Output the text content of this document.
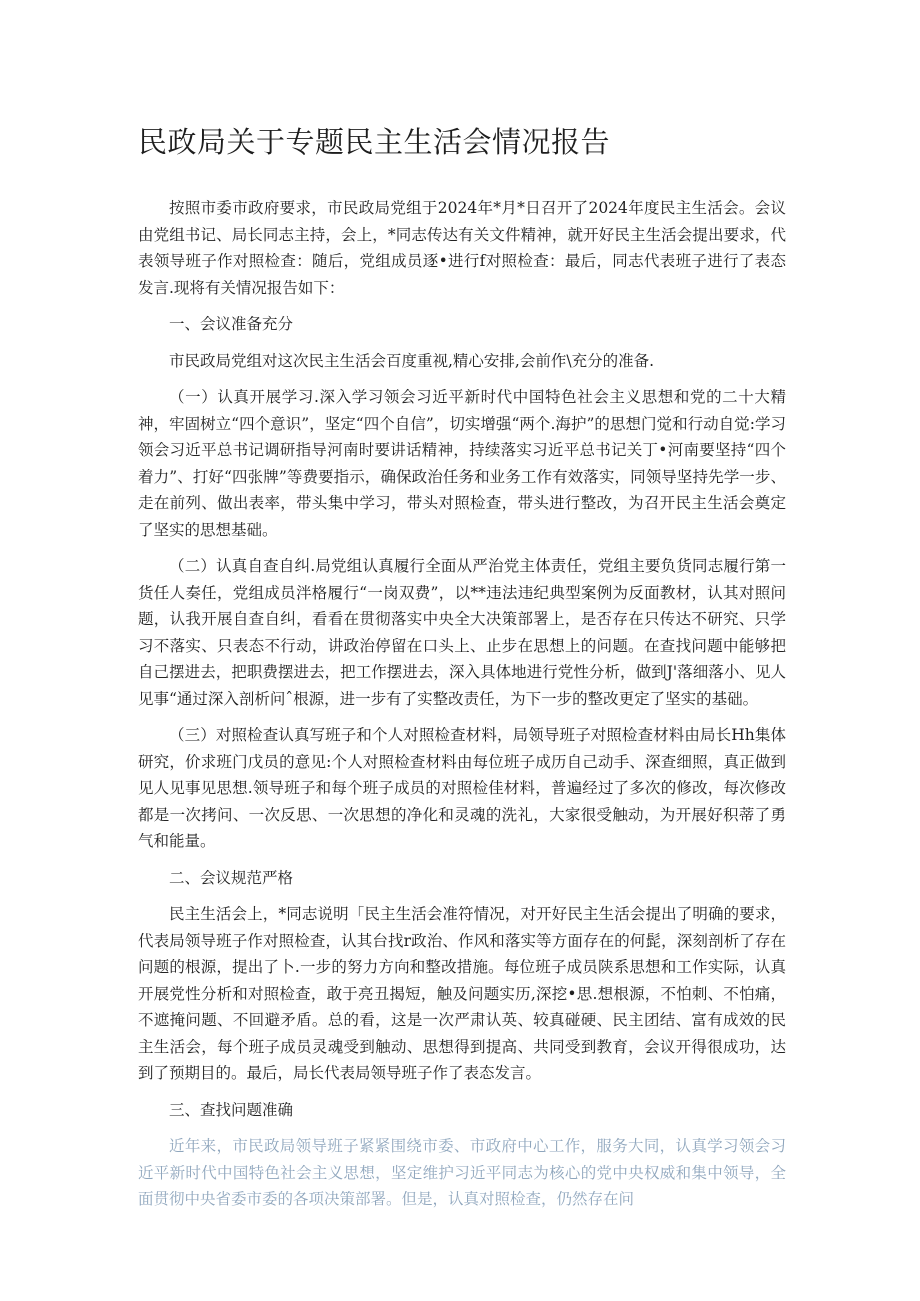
民政局关于专题民主生活会情况报告

按照市委市政府要求，市民政局党组于2024年*月*日召开了2024年度民主生活会。会议由党组书记、局长同志主持，会上，*同志传达有关文件精神，就开好民主生活会提出要求，代表领导班子作对照检查：随后，党组成员逐•进行f对照检查：最后，同志代表班子进行了表态发言.现将有关情况报告如下：

一、会议准备充分

市民政局党组对这次民主生活会百度重视,精心安排,会前作\充分的准备.

（一）认真开展学习.深入学习领会习近平新时代中国特色社会主义思想和党的二十大精神，牢固树立“四个意识”，坚定“四个自信”，切实增强“两个.海护”的思想门觉和行动自觉:学习领会习近平总书记调研指导河南时要讲话精神，持续落实习近平总书记关丁•河南要坚持“四个着力”、打好“四张牌”等费要指示，确保政治任务和业务工作有效落实，同领导坚持先学一步、走在前列、做出表率，带头集中学习，带头对照检查，带头进行整改，为召开民主生活会奠定了坚实的思想基础。

（二）认真自查自纠.局党组认真履行全面从严治党主体责任，党组主要负货同志履行第一货任人奏任，党组成员泮格履行“一岗双费”，以**违法违纪典型案例为反面教材，认其对照问题，认我开展自查自纠，看看在贯彻落实中央全大决策部署上，是否存在只传达不研究、只学习不落实、只表态不行动，讲政治停留在口头上、止步在思想上的问题。在查找问题中能够把自己摆进去，把职费摆进去，把工作摆进去，深入具体地进行党性分析，做到J'落细落小、见人见事“通过深入剖析问ˆ根源，进一步有了实整改责任，为下一步的整改更定了坚实的基础。

（三）对照检查认真写班子和个人对照检查材料，局领导班子对照检查材料由局长Hh集体研究，价求班门戊员的意见:个人对照检查材料由每位班子成历自己动手、深查细照，真正做到见人见事见思想.领导班子和每个班子成员的对照检佳材料，普遍经过了多次的修改，每次修改都是一次拷问、一次反思、一次思想的净化和灵魂的洗礼，大家很受触动，为开展好积蒂了勇气和能量。

二、会议规范严格

民主生活会上，*同志说明「民主生活会准符情况，对开好民主生活会提出了明确的要求，代表局领导班子作对照检查，认其台找r政治、作风和落实等方面存在的何髭，深刻剖析了存在问题的根源，提出了卜.一步的努力方向和整改措施。每位班子成员陕系思想和工作实际，认真开展党性分析和对照检查，敢于亮丑揭短，触及问题实历,深挖•思.想根源，不怕刺、不怕痛，不遮掩问题、不回避矛盾。总的看，这是一次严肃认英、较真碰硬、民主团结、富有成效的民主生活会，每个班子成员灵魂受到触动、思想得到提高、共同受到教育，会议开得很成功，达到了预期目的。最后，局长代表局领导班子作了表态发言。

三、查找问题准确

近年来，市民政局领导班子紧紧围绕市委、市政府中心工作，服务大同，认真学习领会习近平新时代中国特色社会主义思想，坚定维护习近平同志为核心的党中央权威和集中领导，全面贯彻中央省委市委的各项决策部署。但是，认真对照检查，仍然存在问
